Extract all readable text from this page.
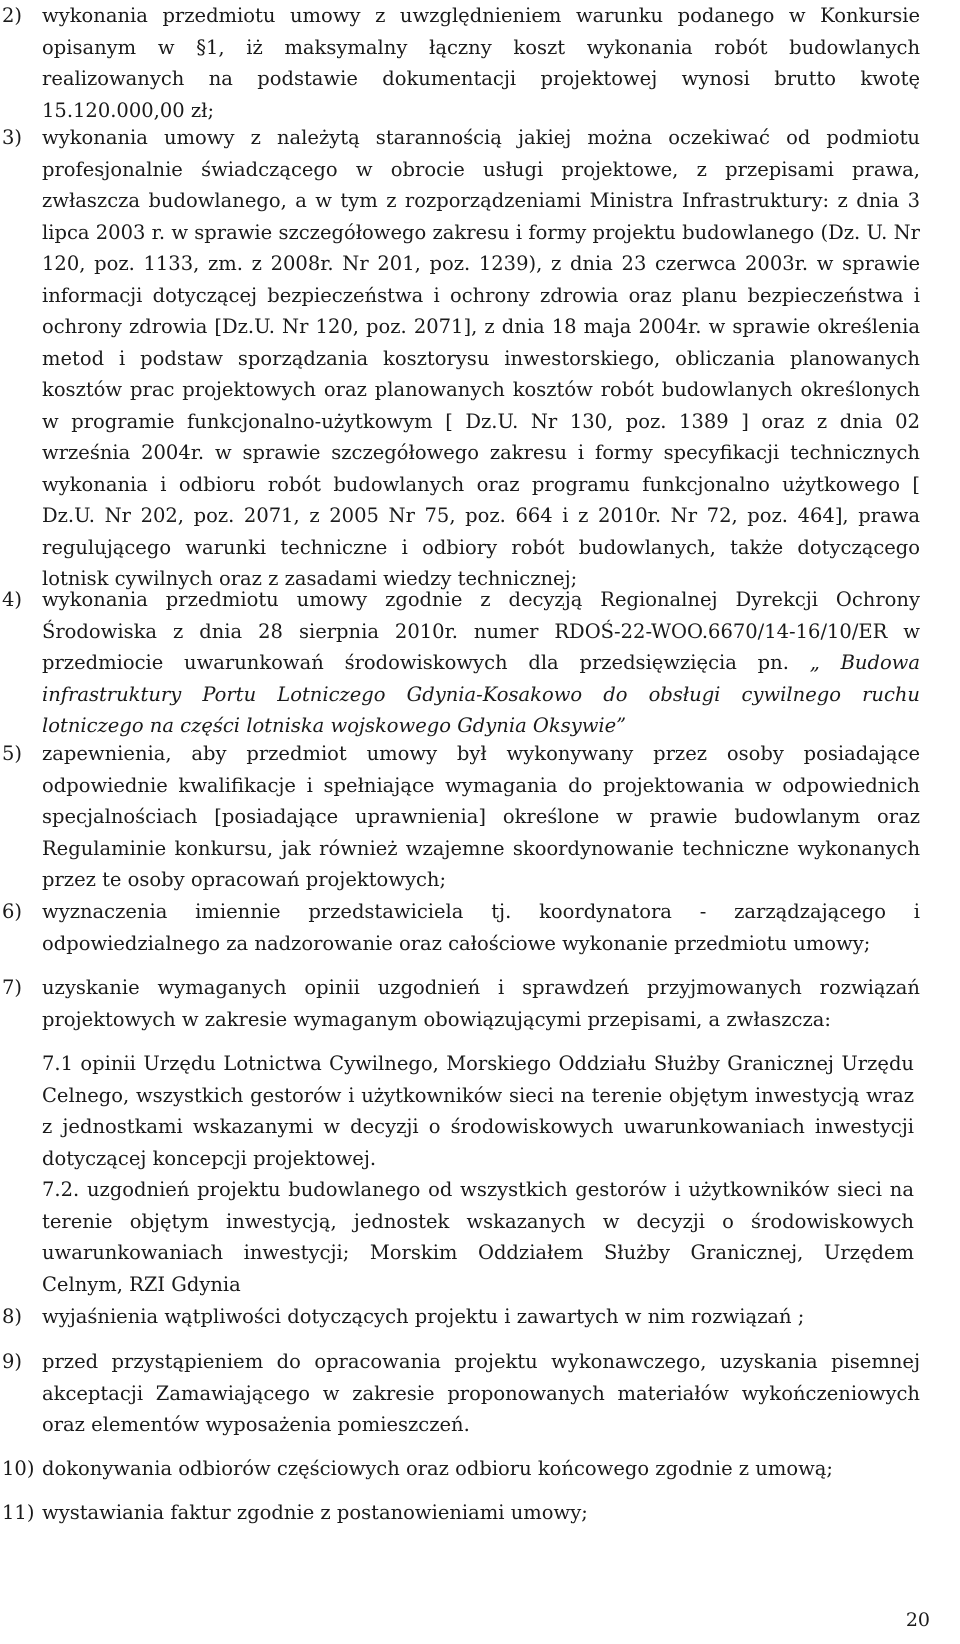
2) wykonania przedmiotu umowy z uwzględnieniem warunku podanego w Konkursie opisanym w §1, iż maksymalny łączny koszt wykonania robót budowlanych realizowanych na podstawie dokumentacji projektowej wynosi brutto kwotę 15.120.000,00 zł;
3) wykonania umowy z należytą starannością jakiej można oczekiwać od podmiotu profesjonalnie świadczącego w obrocie usługi projektowe, z przepisami prawa, zwłaszcza budowlanego, a w tym z rozporządzeniami Ministra Infrastruktury: z dnia 3 lipca 2003 r. w sprawie szczegółowego zakresu i formy projektu budowlanego (Dz. U. Nr 120, poz. 1133, zm. z 2008r. Nr 201, poz. 1239), z dnia 23 czerwca 2003r. w sprawie informacji dotyczącej bezpieczeństwa i ochrony zdrowia oraz planu bezpieczeństwa i ochrony zdrowia [Dz.U. Nr 120, poz. 2071], z dnia 18 maja 2004r. w sprawie określenia metod i podstaw sporządzania kosztorysu inwestorskiego, obliczania planowanych kosztów prac projektowych oraz planowanych kosztów robót budowlanych określonych w programie funkcjonalno-użytkowym [ Dz.U. Nr 130, poz. 1389 ] oraz z dnia 02 września 2004r. w sprawie szczegółowego zakresu i formy specyfikacji technicznych wykonania i odbioru robót budowlanych oraz programu funkcjonalno użytkowego [ Dz.U. Nr 202, poz. 2071, z 2005 Nr 75, poz. 664 i z 2010r. Nr 72, poz. 464], prawa regulującego warunki techniczne i odbiory robót budowlanych, także dotyczącego lotnisk cywilnych oraz z zasadami wiedzy technicznej;
4) wykonania przedmiotu umowy zgodnie z decyzją Regionalnej Dyrekcji Ochrony Środowiska z dnia 28 sierpnia 2010r. numer RDOŚ-22-WOO.6670/14-16/10/ER w przedmiocie uwarunkowań środowiskowych dla przedsięwzięcia pn. „ Budowa infrastruktury Portu Lotniczego Gdynia-Kosakowo do obsługi cywilnego ruchu lotniczego na części lotniska wojskowego Gdynia Oksywie”
5) zapewnienia, aby przedmiot umowy był wykonywany przez osoby posiadające odpowiednie kwalifikacje i spełniające wymagania do projektowania w odpowiednich specjalnościach [posiadające uprawnienia] określone w prawie budowlanym oraz Regulaminie konkursu, jak również wzajemne skoordynowanie techniczne wykonanych przez te osoby opracowań projektowych;
6) wyznaczenia imiennie przedstawiciela tj. koordynatora - zarządzającego i odpowiedzialnego za nadzorowanie oraz całościowe wykonanie przedmiotu umowy;
7) uzyskanie wymaganych opinii uzgodnień i sprawdzeń przyjmowanych rozwiązań projektowych w zakresie wymaganym obowiązującymi przepisami, a zwłaszcza:
7.1 opinii Urzędu Lotnictwa Cywilnego, Morskiego Oddziału Służby Granicznej Urzędu Celnego, wszystkich gestorów i użytkowników sieci na terenie objętym inwestycją wraz z jednostkami wskazanymi w decyzji o środowiskowych uwarunkowaniach inwestycji dotyczącej koncepcji projektowej.
7.2. uzgodnień projektu budowlanego od wszystkich gestorów i użytkowników sieci na terenie objętym inwestycją, jednostek wskazanych w decyzji o środowiskowych uwarunkowaniach inwestycji; Morskim Oddziałem Służby Granicznej, Urzędem Celnym, RZI Gdynia
8) wyjaśnienia wątpliwości dotyczących projektu i zawartych w nim rozwiązań ;
9) przed przystąpieniem do opracowania projektu wykonawczego, uzyskania pisemnej akceptacji Zamawiającego w zakresie proponowanych materiałów wykończeniowych oraz elementów wyposażenia pomieszczeń.
10) dokonywania odbiorów częściowych oraz odbioru końcowego zgodnie z umową;
11) wystawiania faktur zgodnie z postanowieniami umowy;
20
